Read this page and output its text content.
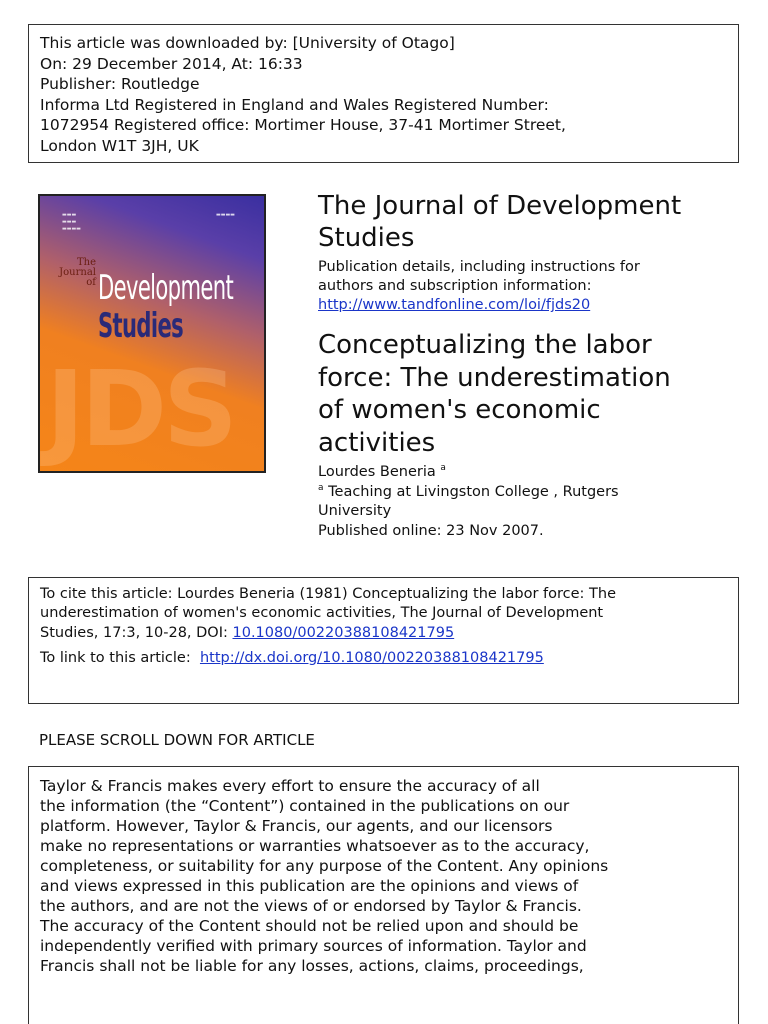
This article was downloaded by: [University of Otago]
On: 29 December 2014, At: 16:33
Publisher: Routledge
Informa Ltd Registered in England and Wales Registered Number:
1072954 Registered office: Mortimer House, 37-41 Mortimer Street,
London W1T 3JH, UK
JDS
▬▬▬
▬▬▬
▬▬▬▬
▬▬▬▬
The Journal of Development
Studies
ℝ ▬▬▬
The Journal of Development
Studies
Publication details, including instructions for
authors and subscription information:
http://www.tandfonline.com/loi/fjds20
Conceptualizing the labor
force: The underestimation
of women's economic
activities
Lourdes Beneria $^a$
$^a$ Teaching at Livingston College , Rutgers
University
Published online: 23 Nov 2007.
To cite this article: Lourdes Beneria (1981) Conceptualizing the labor force: The
underestimation of women's economic activities, The Journal of Development
Studies, 17:3, 10-28, DOI: 10.1080/00220388108421795
To link to this article: http://dx.doi.org/10.1080/00220388108421795
PLEASE SCROLL DOWN FOR ARTICLE
Taylor & Francis makes every effort to ensure the accuracy of all
the information (the “Content”) contained in the publications on our
platform. However, Taylor & Francis, our agents, and our licensors
make no representations or warranties whatsoever as to the accuracy,
completeness, or suitability for any purpose of the Content. Any opinions
and views expressed in this publication are the opinions and views of
the authors, and are not the views of or endorsed by Taylor & Francis.
The accuracy of the Content should not be relied upon and should be
independently verified with primary sources of information. Taylor and
Francis shall not be liable for any losses, actions, claims, proceedings,
